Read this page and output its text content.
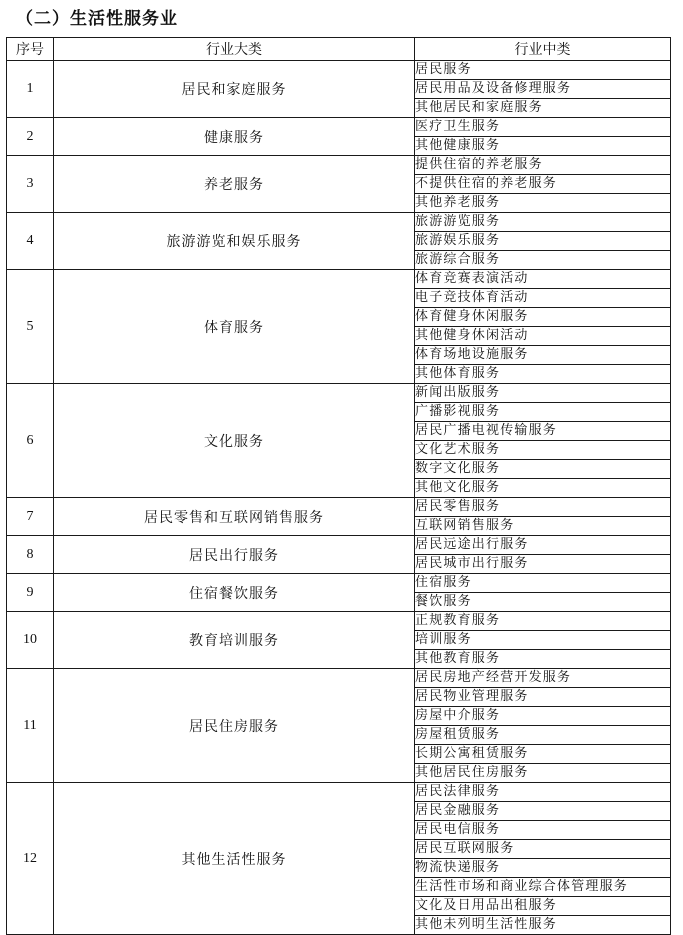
（二）生活性服务业
序号	行业大类	行业中类
1	居民和家庭服务	居民服务
		居民用品及设备修理服务
		其他居民和家庭服务
2	健康服务	医疗卫生服务
		其他健康服务
3	养老服务	提供住宿的养老服务
		不提供住宿的养老服务
		其他养老服务
4	旅游游览和娱乐服务	旅游游览服务
		旅游娱乐服务
		旅游综合服务
5	体育服务	体育竞赛表演活动
		电子竞技体育活动
		体育健身休闲服务
		其他健身休闲活动
		体育场地设施服务
		其他体育服务
6	文化服务	新闻出版服务
		广播影视服务
		居民广播电视传输服务
		文化艺术服务
		数字文化服务
		其他文化服务
7	居民零售和互联网销售服务	居民零售服务
		互联网销售服务
8	居民出行服务	居民远途出行服务
		居民城市出行服务
9	住宿餐饮服务	住宿服务
		餐饮服务
10	教育培训服务	正规教育服务
		培训服务
		其他教育服务
11	居民住房服务	居民房地产经营开发服务
		居民物业管理服务
		房屋中介服务
		房屋租赁服务
		长期公寓租赁服务
		其他居民住房服务
12	其他生活性服务	居民法律服务
		居民金融服务
		居民电信服务
		居民互联网服务
		物流快递服务
		生活性市场和商业综合体管理服务
		文化及日用品出租服务
		其他未列明生活性服务
